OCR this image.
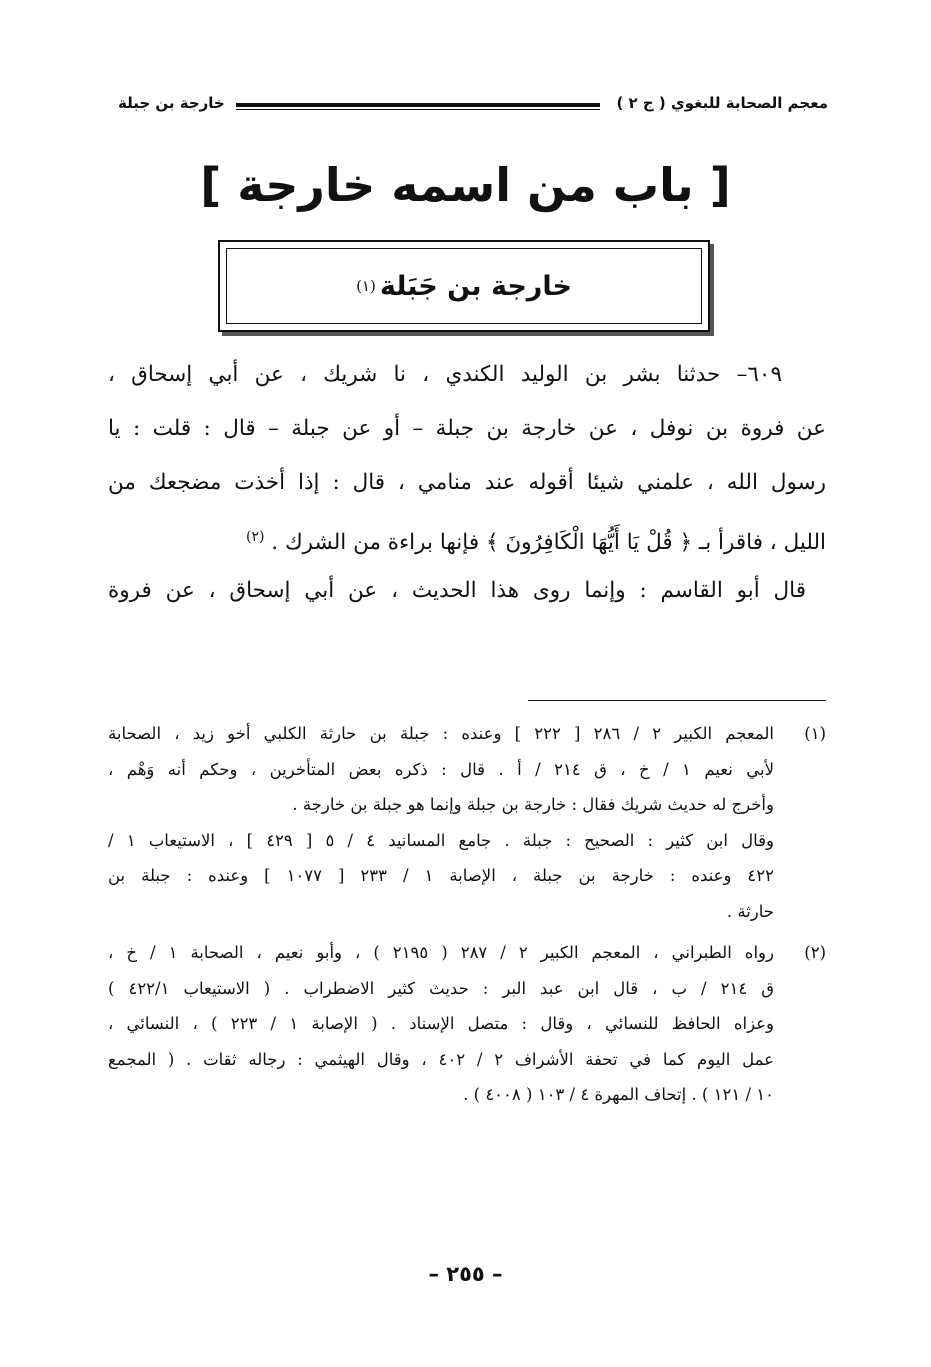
معجم الصحابة للبغوي ( ج ٢ )
خارجة بن جبلة
[ باب من اسمه خارجة ]
خارجة بن جَبَلة
(١)
٦٠٩– حدثنا بشر بن الوليد الكندي ، نا شريك ، عن أبي إسحاق ،
عن فروة بن نوفل ، عن خارجة بن جبلة – أو عن جبلة – قال : قلت : يا
رسول الله ، علمني شيئا أقوله عند منامي ، قال : إذا أخذت مضجعك من
الليل ، فاقرأ بـ ﴿ قُلْ يَا أَيُّهَا الْكَافِرُونَ ﴾ فإنها براءة من الشرك . $^{(٢)}$
قال أبو القاسم : وإنما روى هذا الحديث ، عن أبي إسحاق ، عن فروة
(١)
المعجم الكبير ٢ / ٢٨٦ [ ٢٢٢ ] وعنده : جبلة بن حارثة الكلبي أخو زيد ، الصحابة
لأبي نعيم ١ / خ ، ق ٢١٤ / أ . قال : ذكره بعض المتأخرين ، وحكم أنه وَهْم ،
وأخرج له حديث شريك فقال : خارجة بن جبلة وإنما هو جبلة بن خارجة .
وقال ابن كثير : الصحيح : جبلة . جامع المسانيد ٤ / ٥ [ ٤٢٩ ] ، الاستيعاب ١ /
٤٢٢ وعنده : خارجة بن جبلة ، الإصابة ١ / ٢٣٣ [ ١٠٧٧ ] وعنده : جبلة بن
حارثة .
(٢)
رواه الطبراني ، المعجم الكبير ٢ / ٢٨٧ ( ٢١٩٥ ) ، وأبو نعيم ، الصحابة ١ / خ ،
ق ٢١٤ / ب ، قال ابن عبد البر : حديث كثير الاضطراب . ( الاستيعاب ٤٢٢/١ )
وعزاه الحافظ للنسائي ، وقال : متصل الإسناد . ( الإصابة ١ / ٢٢٣ ) ، النسائي ،
عمل اليوم كما في تحفة الأشراف ٢ / ٤٠٢ ، وقال الهيثمي : رجاله ثقات . ( المجمع
١٠ / ١٢١ ) . إتحاف المهرة ٤ / ١٠٣ ( ٤٠٠٨ ) .
– ٢٥٥ –
